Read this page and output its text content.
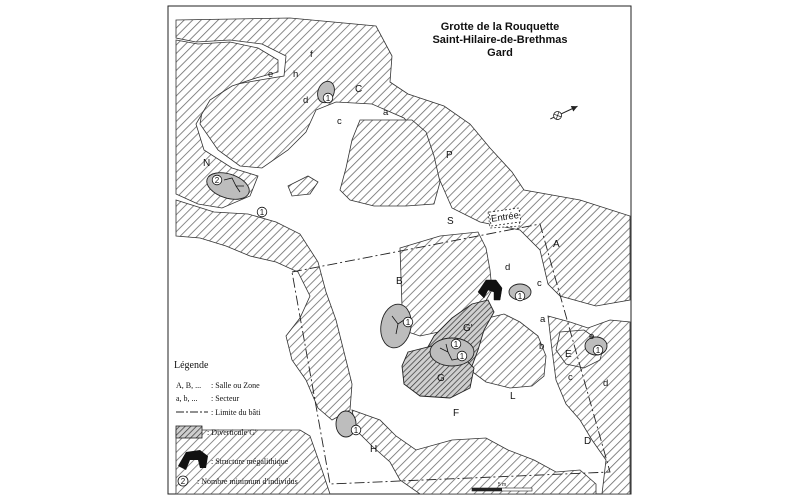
1
2
1
1
1
1
1
1
1
Entrée
Grotte de la Rouquette
Saint-Hilaire-de-Brethmas
Gard
N
C
P
S
A
B
E
G
G'
L
F
H
D
f
e h
d
a
c
d
c
a
b
c
e
d
Légende
A, B, ... : Salle ou Zone
a, b, ... : Secteur
: Limite du bâti
: Diverticule G'
: Structure mégalithique
2 : Nombre minimum d'individus	5 m
